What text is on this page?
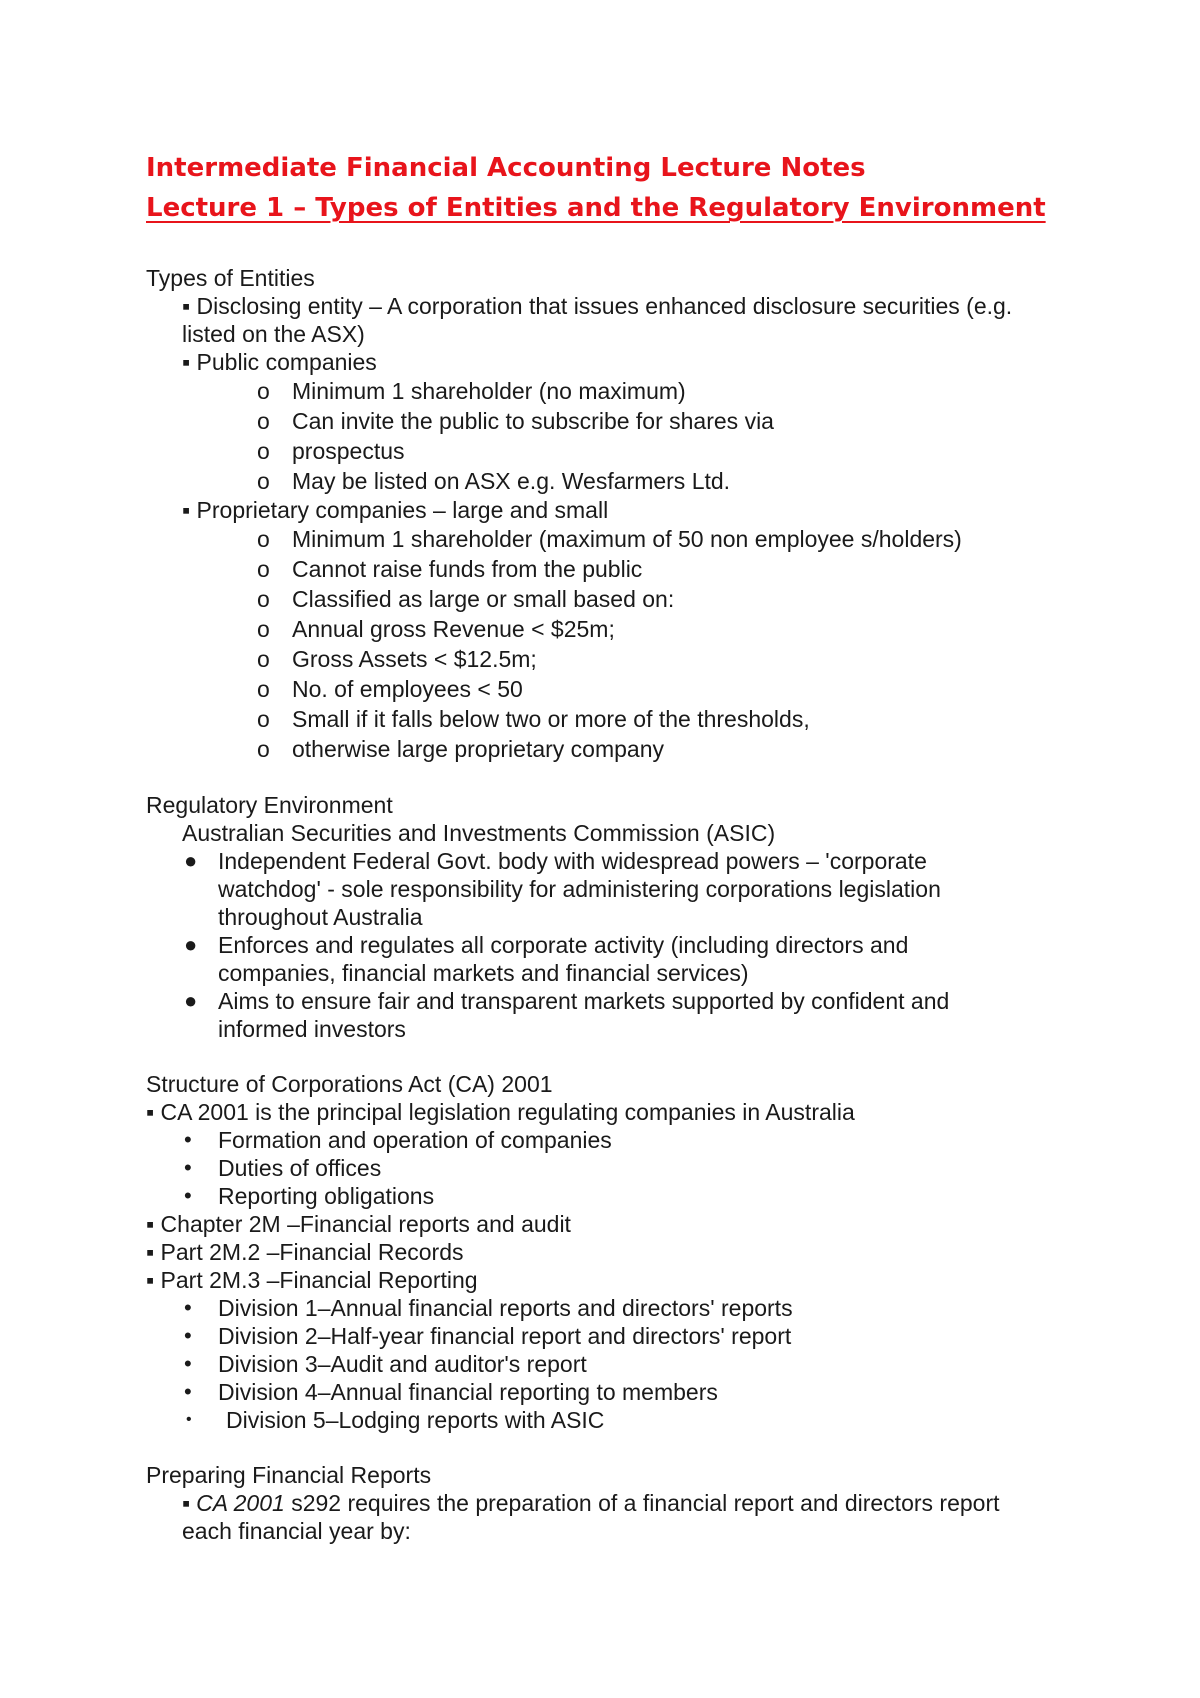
Intermediate Financial Accounting Lecture Notes
Lecture 1 – Types of Entities and the Regulatory Environment
Types of Entities
▪ Disclosing entity – A corporation that issues enhanced disclosure securities (e.g.
listed on the ASX)
▪ Public companies
o Minimum 1 shareholder (no maximum)
o Can invite the public to subscribe for shares via
o prospectus
o May be listed on ASX e.g. Wesfarmers Ltd.
▪ Proprietary companies – large and small
o Minimum 1 shareholder (maximum of 50 non employee s/holders)
o Cannot raise funds from the public
o Classified as large or small based on:
o Annual gross Revenue < $25m;
o Gross Assets < $12.5m;
o No. of employees < 50
o Small if it falls below two or more of the thresholds,
o otherwise large proprietary company
Regulatory Environment
Australian Securities and Investments Commission (ASIC)
● Independent Federal Govt. body with widespread powers – 'corporate
watchdog' - sole responsibility for administering corporations legislation
throughout Australia
● Enforces and regulates all corporate activity (including directors and
companies, financial markets and financial services)
● Aims to ensure fair and transparent markets supported by confident and
informed investors
Structure of Corporations Act (CA) 2001
▪ CA 2001 is the principal legislation regulating companies in Australia
• Formation and operation of companies
• Duties of offices
• Reporting obligations
▪ Chapter 2M –Financial reports and audit
▪ Part 2M.2 –Financial Records
▪ Part 2M.3 –Financial Reporting
• Division 1–Annual financial reports and directors' reports
• Division 2–Half-year financial report and directors' report
• Division 3–Audit and auditor's report
• Division 4–Annual financial reporting to members
• Division 5–Lodging reports with ASIC
Preparing Financial Reports
▪ CA 2001 s292 requires the preparation of a financial report and directors report
each financial year by:
